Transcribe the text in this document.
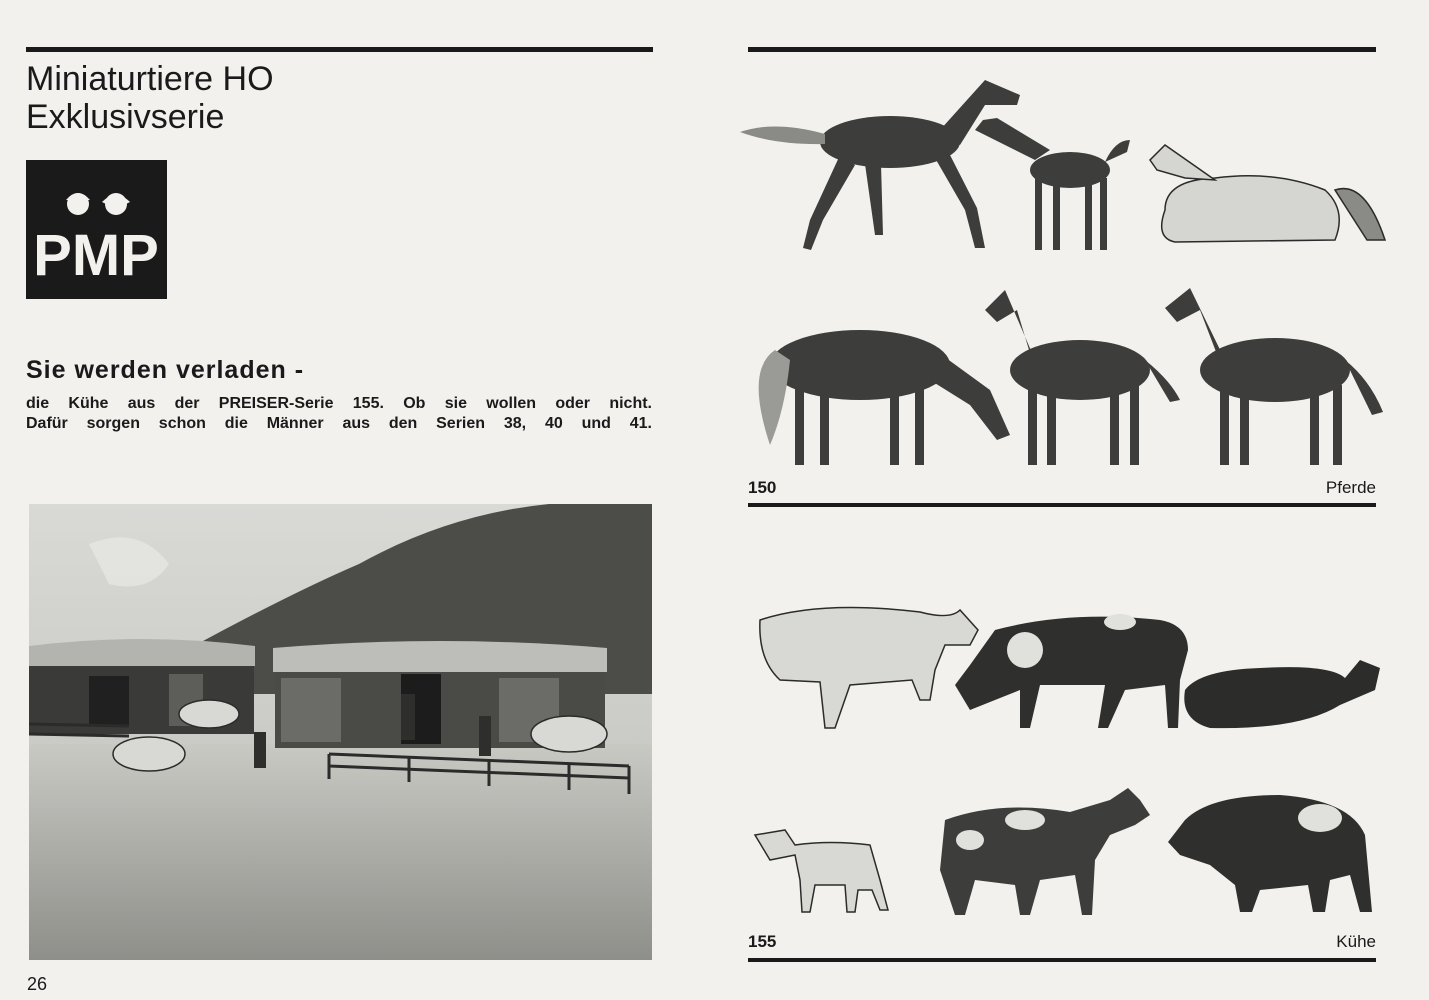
Miniaturtiere HO
Exklusivserie
PMP
Sie werden verladen -
die Kühe aus der PREISER-Serie 155. Ob sie wollen oder nicht.
Dafür sorgen schon die Männer aus den Serien 38, 40 und 41.
26
150	Pferde
155	Kühe
